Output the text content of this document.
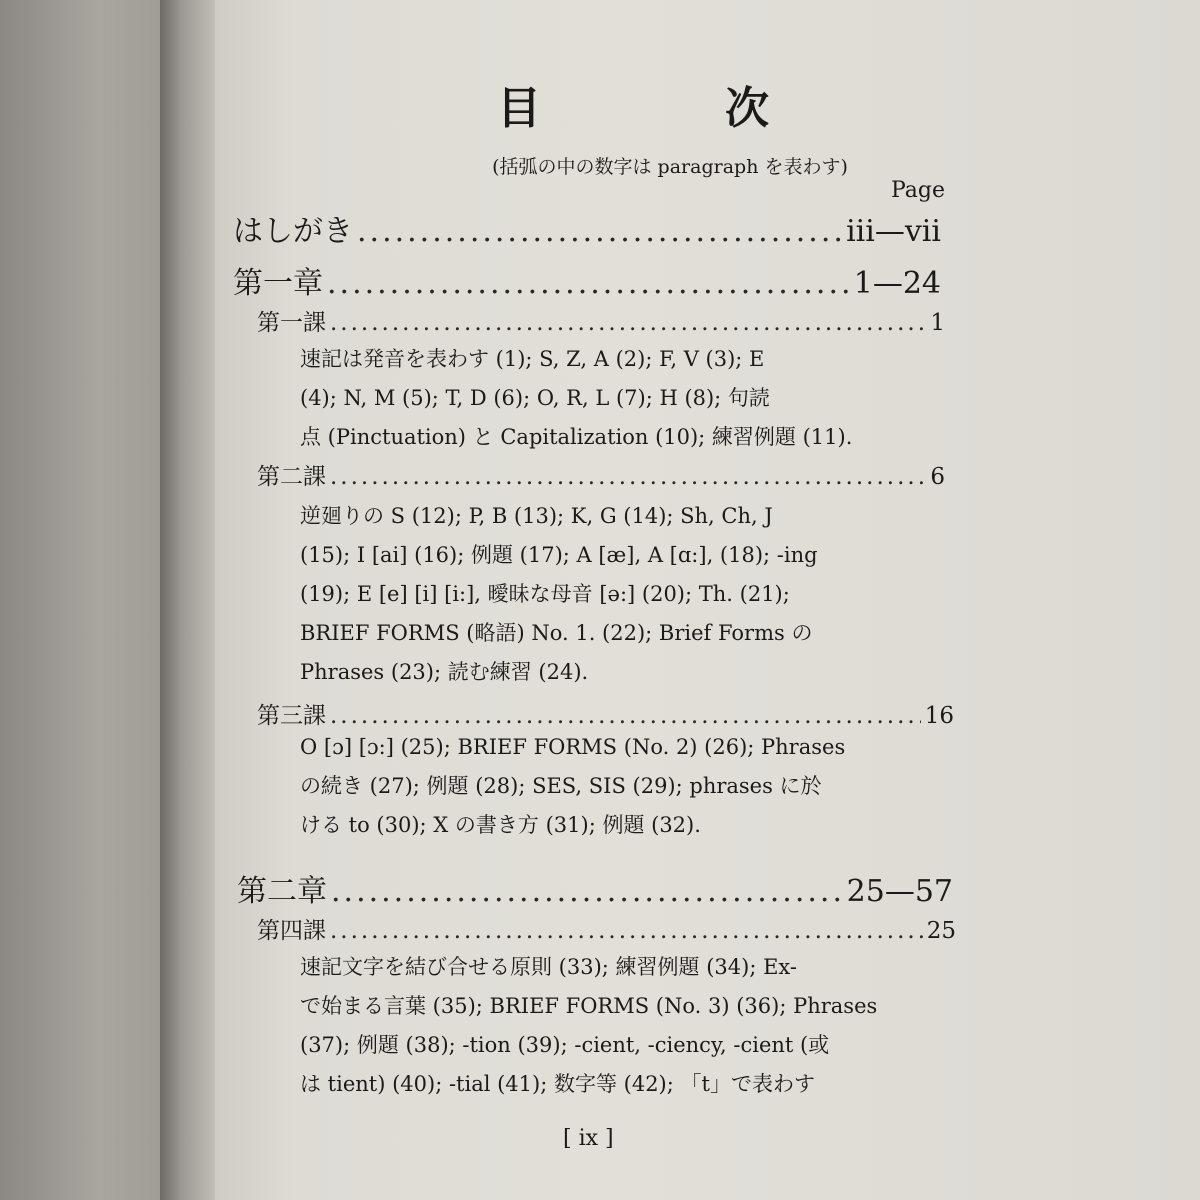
目　次
(括弧の中の数字は paragraph を表わす)
Page
はしがき .....	iii—vii
第一章 .....	1—24
第一課 .....	1
速記は発音を表わす (1); S, Z, A (2); F, V (3); E
(4); N, M (5); T, D (6); O, R, L (7); H (8); 句読
点 (Pinctuation) と Capitalization (10); 練習例題 (11).
第二課 .....	6
逆廻りの S (12); P, B (13); K, G (14); Sh, Ch, J
(15); I [ai] (16); 例題 (17); A [æ], A [ɑ:], (18); -ing
(19); E [e] [i] [i:], 曖昧な母音 [ə:] (20); Th. (21);
BRIEF FORMS (略語) No. 1. (22); Brief Forms の
Phrases (23); 読む練習 (24).
第三課 .....	16
O [ɔ] [ɔ:] (25); BRIEF FORMS (No. 2) (26); Phrases
の続き (27); 例題 (28); SES, SIS (29); phrases に於
ける to (30); X の書き方 (31); 例題 (32).
第二章 .....	25—57
第四課 .....	25
速記文字を結び合せる原則 (33); 練習例題 (34); Ex-
で始まる言葉 (35); BRIEF FORMS (No. 3) (36); Phrases
(37); 例題 (38); -tion (39); -cient, -ciency, -cient (或
は tient) (40); -tial (41); 数字等 (42); 「t」で表わす
[ ix ]
